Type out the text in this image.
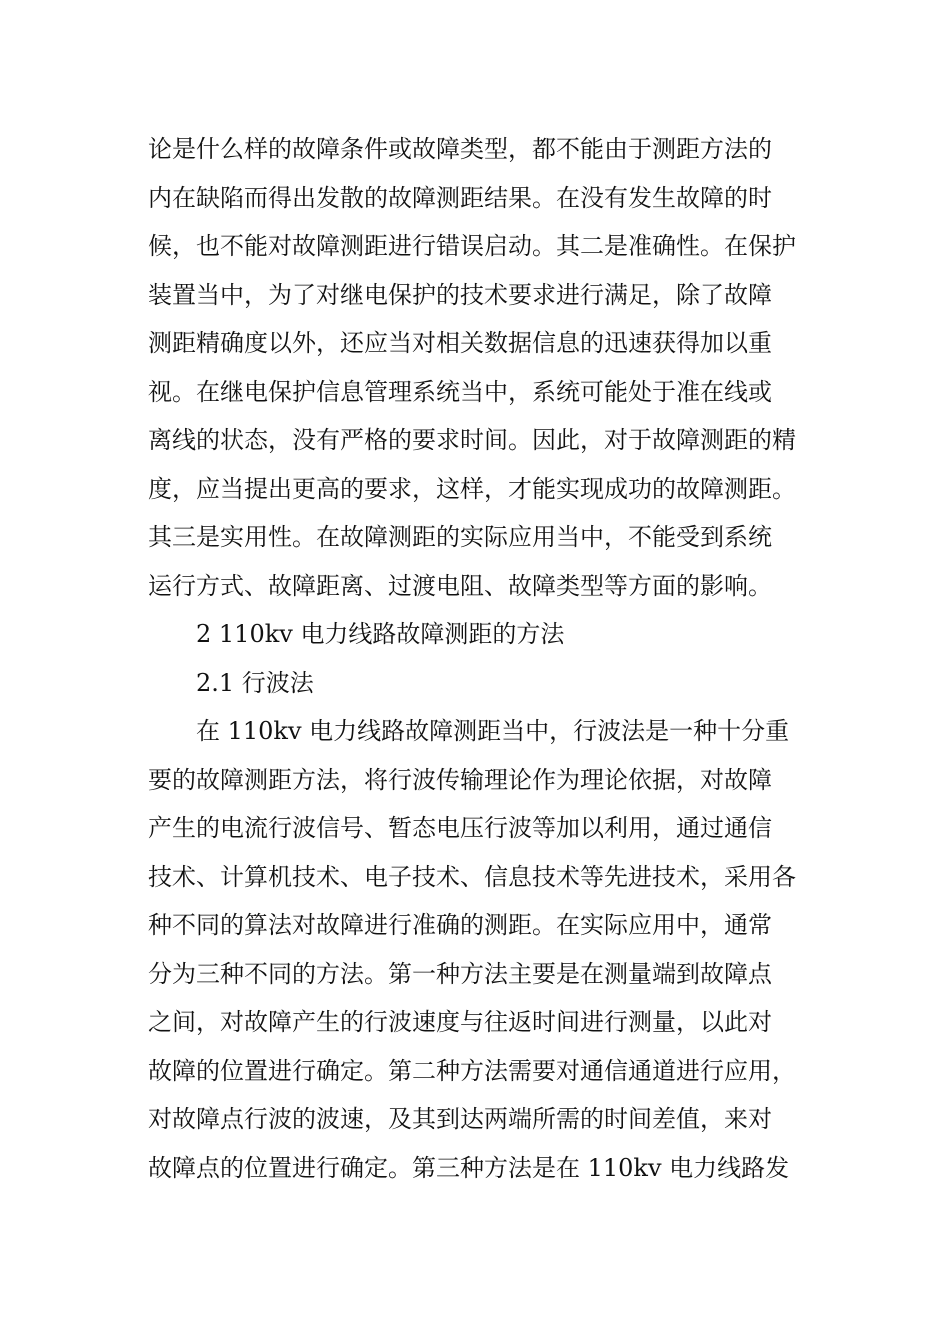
论是什么样的故障条件或故障类型，都不能由于测距方法的
内在缺陷而得出发散的故障测距结果。在没有发生故障的时
候，也不能对故障测距进行错误启动。其二是准确性。在保护
装置当中，为了对继电保护的技术要求进行满足，除了故障
测距精确度以外，还应当对相关数据信息的迅速获得加以重
视。在继电保护信息管理系统当中，系统可能处于准在线或
离线的状态，没有严格的要求时间。因此，对于故障测距的精
度，应当提出更高的要求，这样，才能实现成功的故障测距。
其三是实用性。在故障测距的实际应用当中，不能受到系统
运行方式、故障距离、过渡电阻、故障类型等方面的影响。
2 110kv 电力线路故障测距的方法
2.1 行波法
在 110kv 电力线路故障测距当中，行波法是一种十分重
要的故障测距方法，将行波传输理论作为理论依据，对故障
产生的电流行波信号、暂态电压行波等加以利用，通过通信
技术、计算机技术、电子技术、信息技术等先进技术，采用各
种不同的算法对故障进行准确的测距。在实际应用中，通常
分为三种不同的方法。第一种方法主要是在测量端到故障点
之间，对故障产生的行波速度与往返时间进行测量，以此对
故障的位置进行确定。第二种方法需要对通信通道进行应用，
对故障点行波的波速，及其到达两端所需的时间差值，来对
故障点的位置进行确定。第三种方法是在 110kv 电力线路发
